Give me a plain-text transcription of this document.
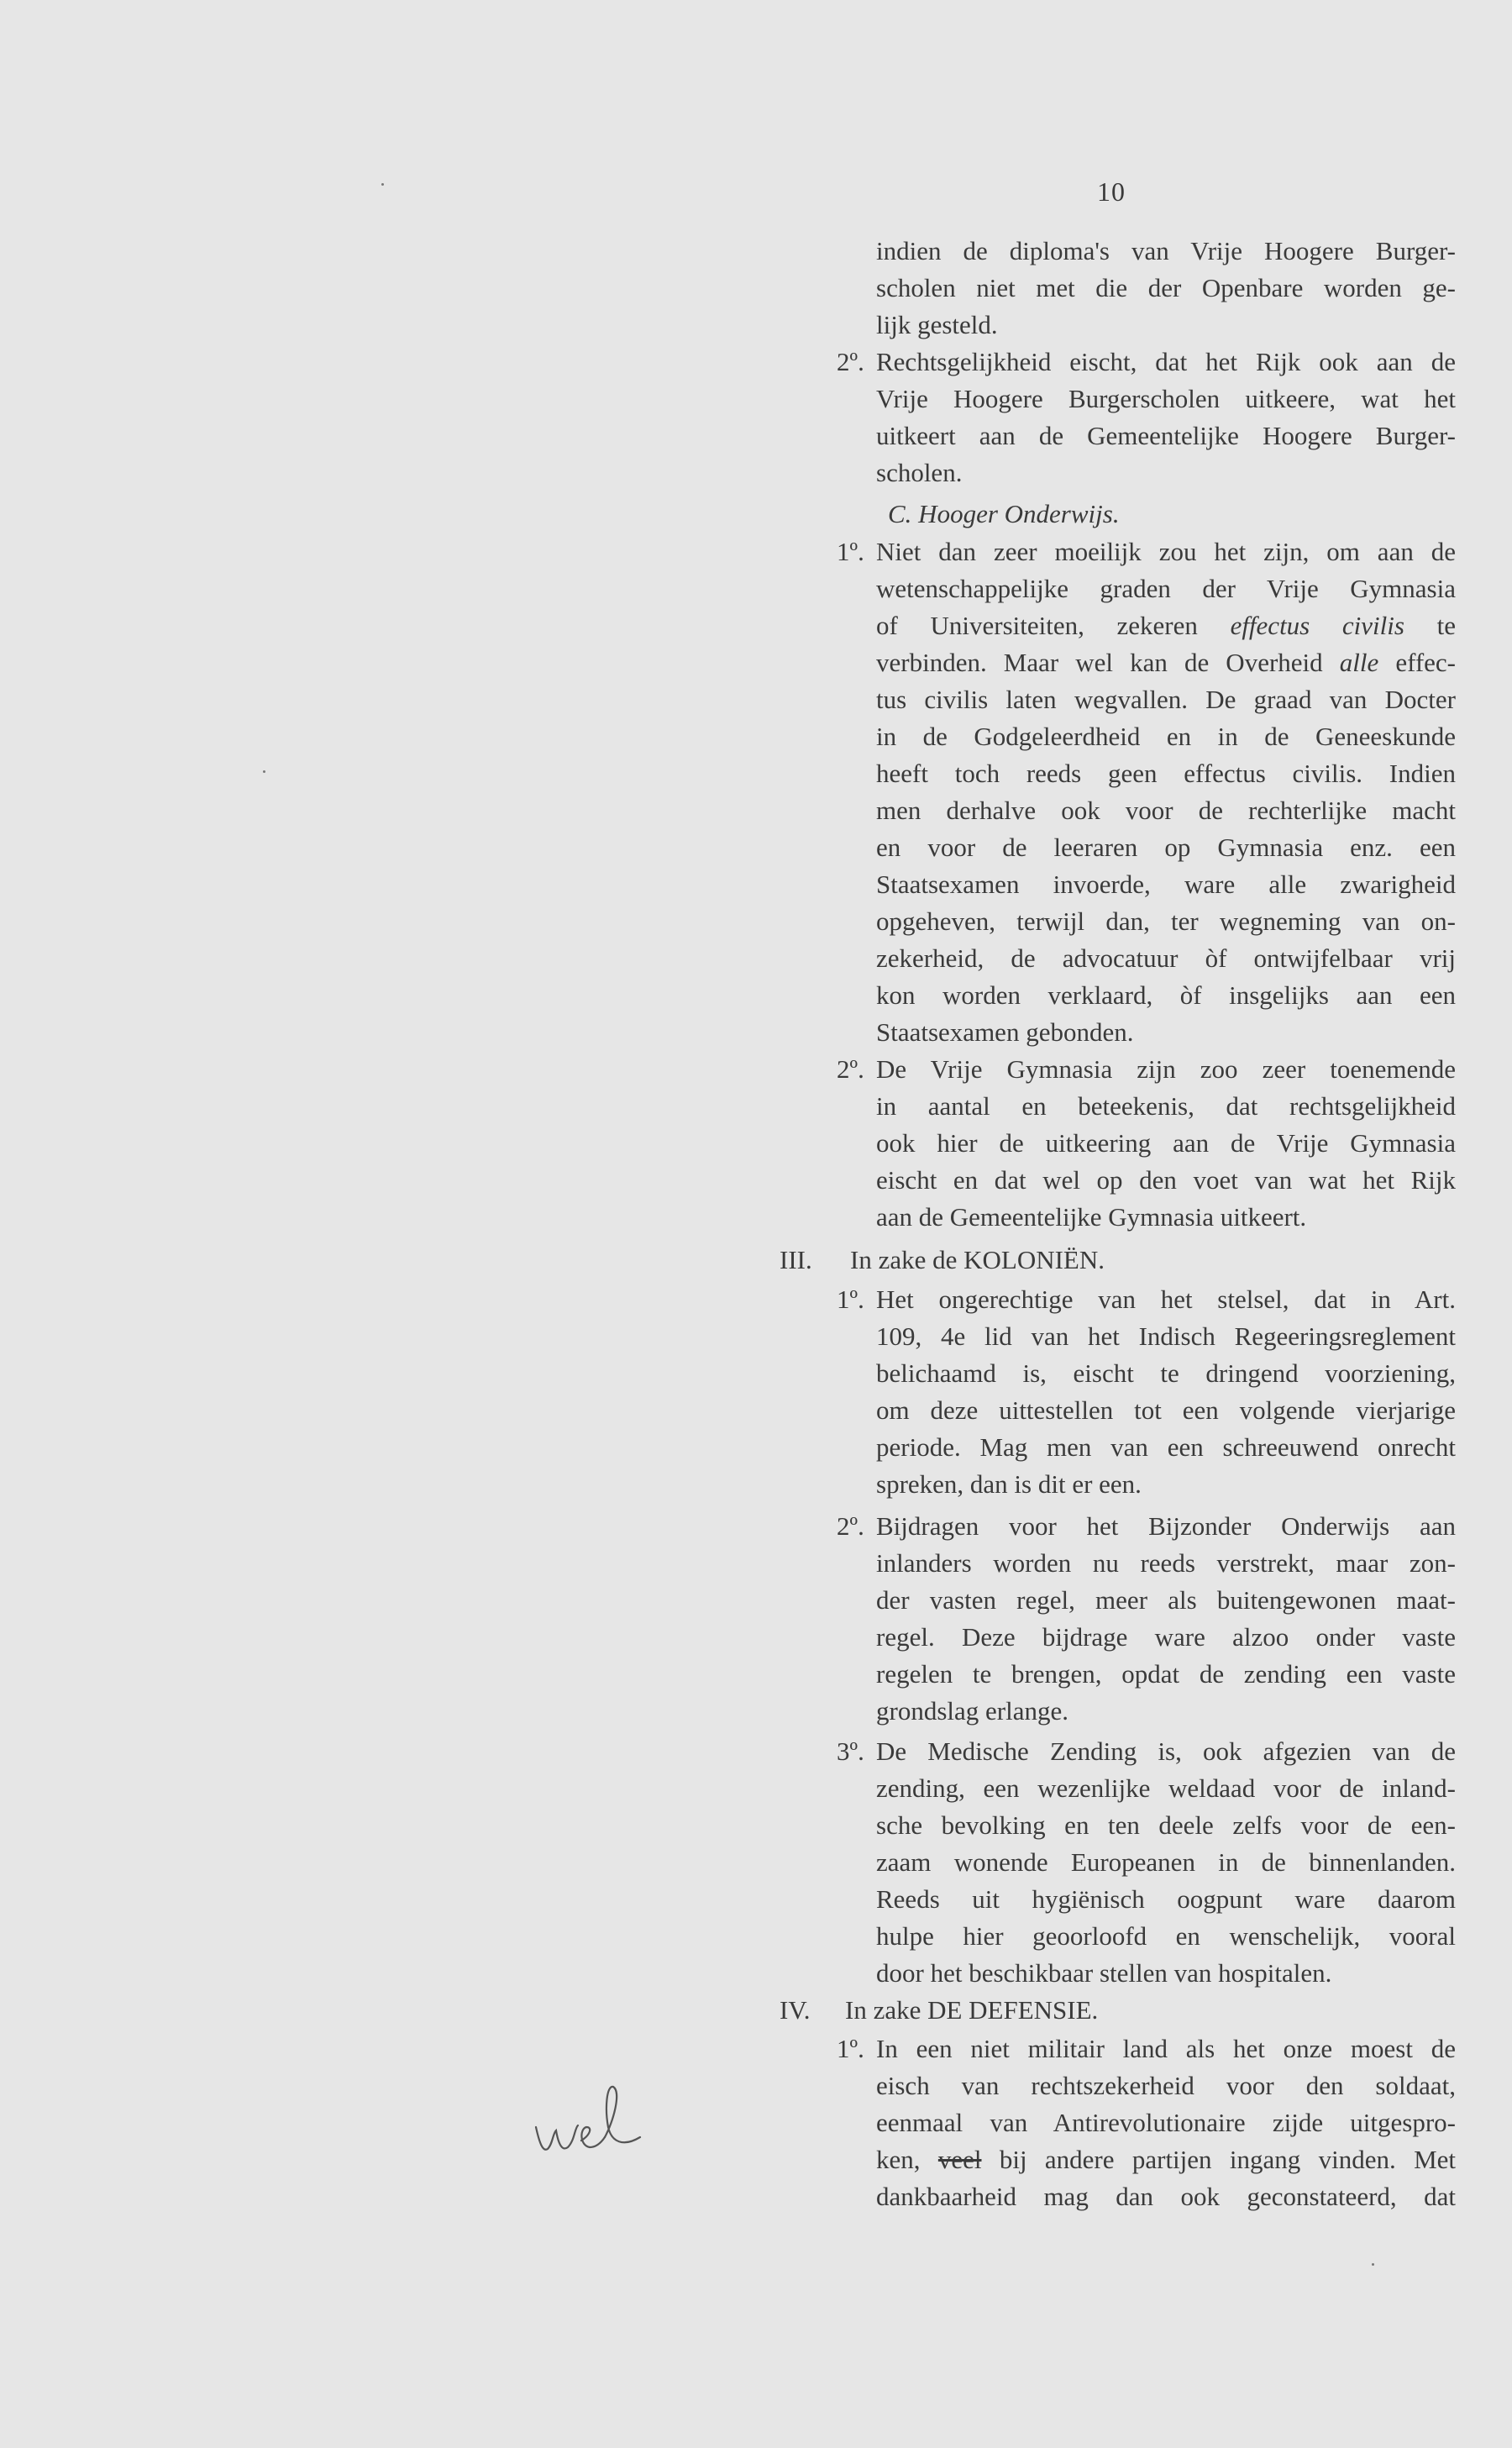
10
indien de diploma's van Vrije Hoogere Burger-
scholen niet met die der Openbare worden ge-
lijk gesteld.
2º. Rechtsgelijkheid eischt, dat het Rijk ook aan de
Vrije Hoogere Burgerscholen uitkeere, wat het
uitkeert aan de Gemeentelijke Hoogere Burger-
scholen.
C. Hooger Onderwijs.
1º. Niet dan zeer moeilijk zou het zijn, om aan de
wetenschappelijke graden der Vrije Gymnasia
of Universiteiten, zekeren effectus civilis te
verbinden. Maar wel kan de Overheid alle effec-
tus civilis laten wegvallen. De graad van Docter
in de Godgeleerdheid en in de Geneeskunde
heeft toch reeds geen effectus civilis. Indien
men derhalve ook voor de rechterlijke macht
en voor de leeraren op Gymnasia enz. een
Staatsexamen invoerde, ware alle zwarigheid
opgeheven, terwijl dan, ter wegneming van on-
zekerheid, de advocatuur òf ontwijfelbaar vrij
kon worden verklaard, òf insgelijks aan een
Staatsexamen gebonden.
2º. De Vrije Gymnasia zijn zoo zeer toenemende
in aantal en beteekenis, dat rechtsgelijkheid
ook hier de uitkeering aan de Vrije Gymnasia
eischt en dat wel op den voet van wat het Rijk
aan de Gemeentelijke Gymnasia uitkeert.
III. In zake de KOLONIËN.
1º. Het ongerechtige van het stelsel, dat in Art.
109, 4e lid van het Indisch Regeeringsreglement
belichaamd is, eischt te dringend voorziening,
om deze uittestellen tot een volgende vierjarige
periode. Mag men van een schreeuwend onrecht
spreken, dan is dit er een.
2º. Bijdragen voor het Bijzonder Onderwijs aan
inlanders worden nu reeds verstrekt, maar zon-
der vasten regel, meer als buitengewonen maat-
regel. Deze bijdrage ware alzoo onder vaste
regelen te brengen, opdat de zending een vaste
grondslag erlange.
3º. De Medische Zending is, ook afgezien van de
zending, een wezenlijke weldaad voor de inland-
sche bevolking en ten deele zelfs voor de een-
zaam wonende Europeanen in de binnenlanden.
Reeds uit hygiënisch oogpunt ware daarom
hulpe hier geoorloofd en wenschelijk, vooral
door het beschikbaar stellen van hospitalen.
IV. In zake DE DEFENSIE.
1º. In een niet militair land als het onze moest de
eisch van rechtszekerheid voor den soldaat,
eenmaal van Antirevolutionaire zijde uitgespro-
ken, veel bij andere partijen ingang vinden. Met
dankbaarheid mag dan ook geconstateerd, dat
